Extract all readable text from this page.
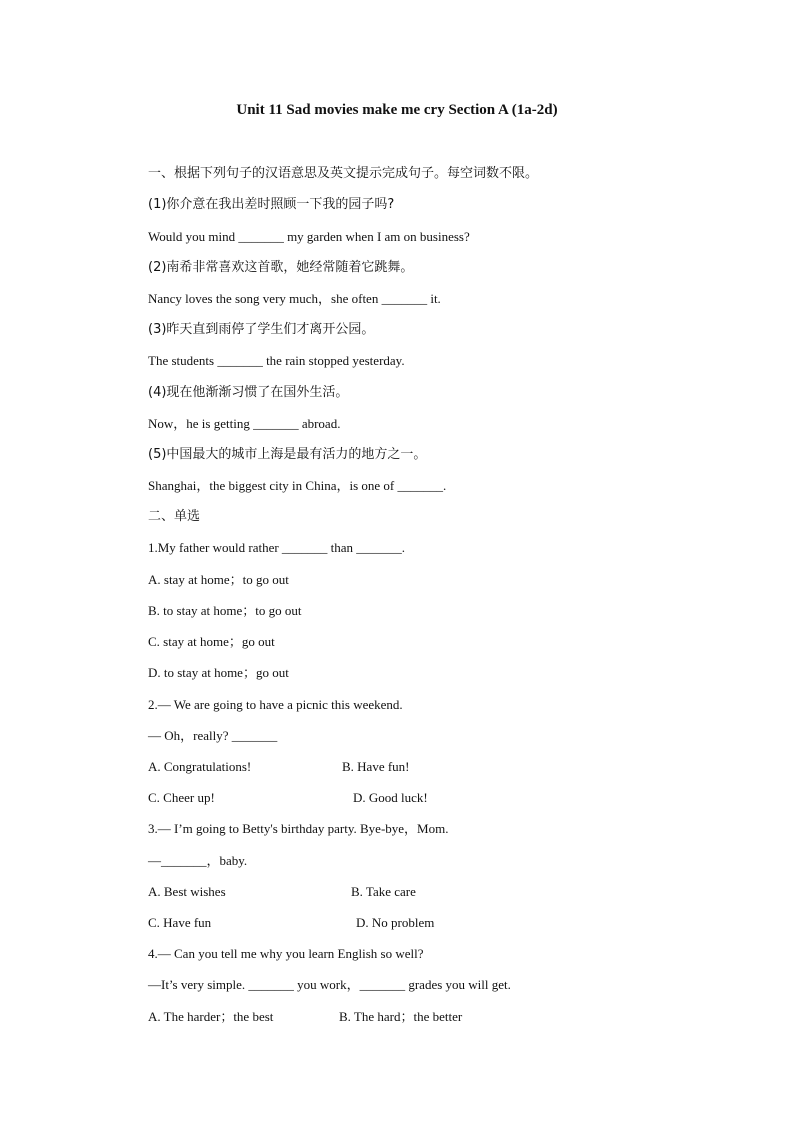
Unit 11 Sad movies make me cry Section A (1a-2d)
一、根据下列句子的汉语意思及英文提示完成句子。每空词数不限。
(1)你介意在我出差时照顾一下我的园子吗?
Would you mind _______ my garden when I am on business?
(2)南希非常喜欢这首歌，她经常随着它跳舞。
Nancy loves the song very much，she often _______ it.
(3)昨天直到雨停了学生们才离开公园。
The students _______ the rain stopped yesterday.
(4)现在他渐渐习惯了在国外生活。
Now，he is getting _______ abroad.
(5)中国最大的城市上海是最有活力的地方之一。
Shanghai，the biggest city in China，is one of _______.
二、单选
1.My father would rather _______ than _______.
A. stay at home；to go out
B. to stay at home；to go out
C. stay at home；go out
D. to stay at home；go out
2.— We are going to have a picnic this weekend.
— Oh，really? _______
A. Congratulations!	B. Have fun!
C. Cheer up!	D. Good luck!
3.— I’m going to Betty's birthday party. Bye-bye，Mom.
—_______，baby.
A. Best wishes	B. Take care
C. Have fun	D. No problem
4.— Can you tell me why you learn English so well?
—It’s very simple. _______ you work，_______ grades you will get.
A. The harder；the best	B. The hard；the better
